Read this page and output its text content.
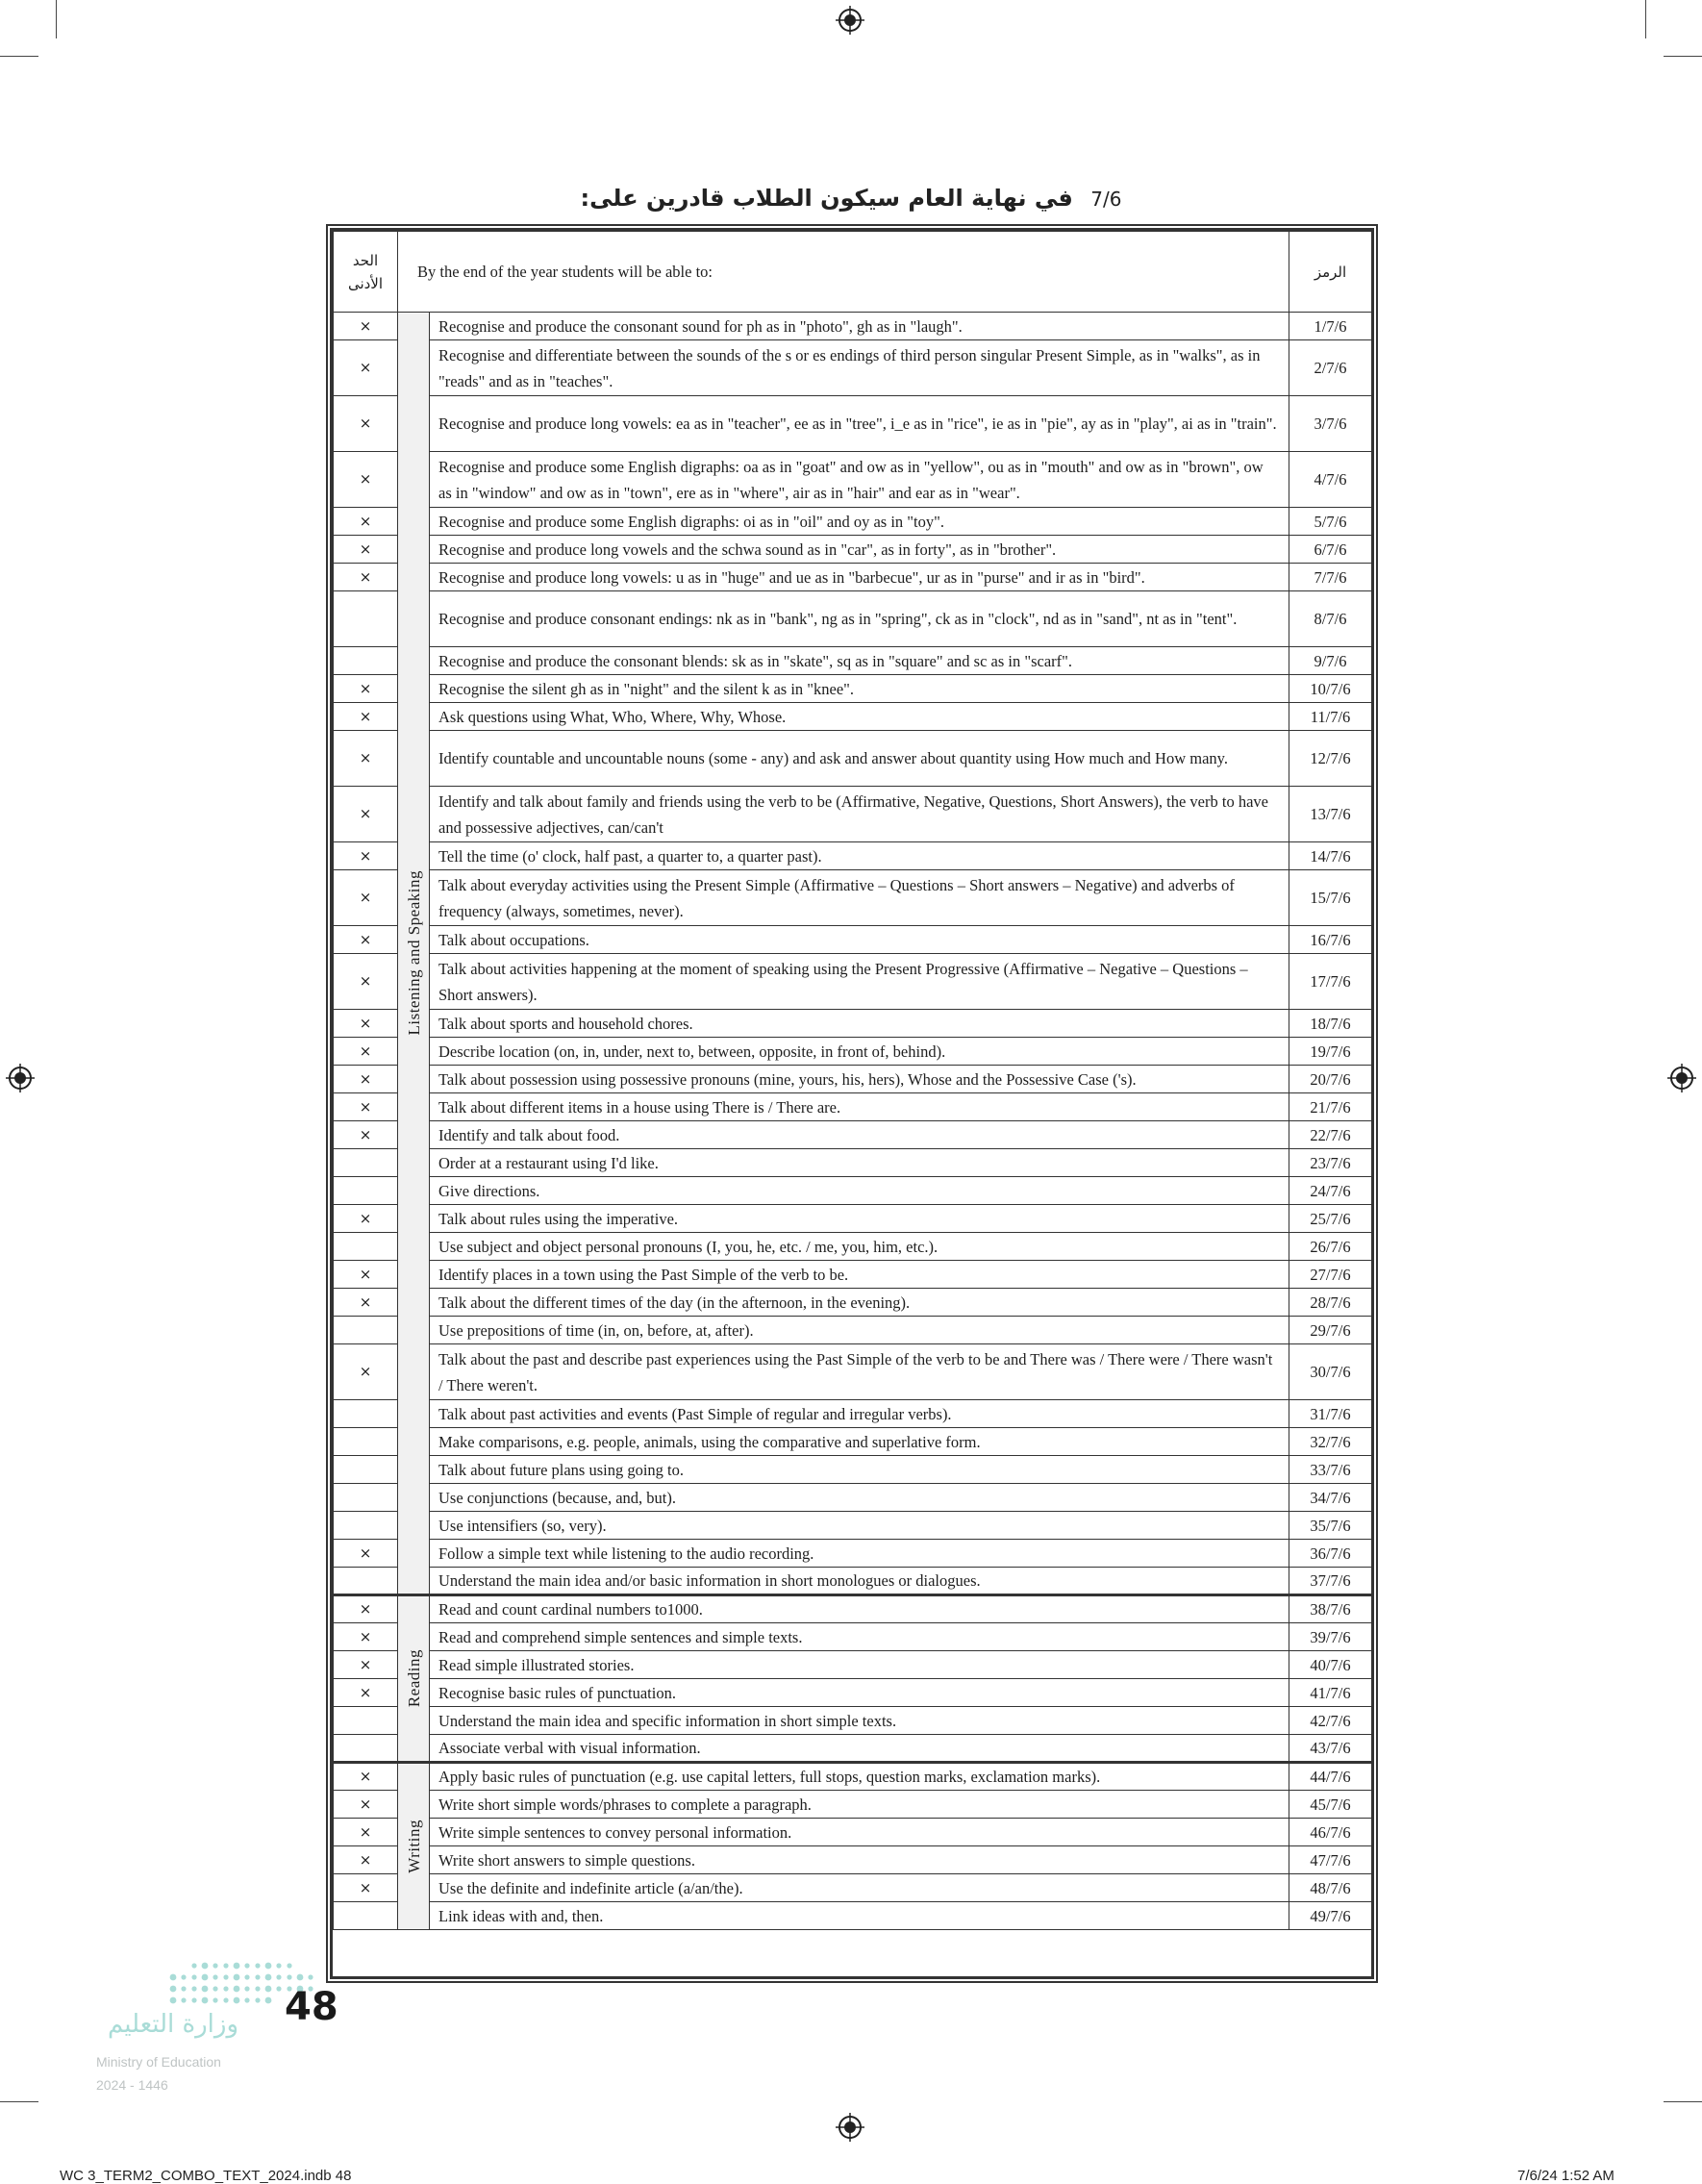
7/6 في نهاية العام سيكون الطلاب قادرين على:
الحد الأدنى	By the end of the year students will be able to:		الرمز
×	Listening and Speaking	Recognise and produce the consonant sound for ph as in "photo", gh as in "laugh".	1/7/6
×		Recognise and differentiate between the sounds of the s or es endings of third person singular Present Simple, as in "walks", as in "reads" and as in "teaches".	2/7/6
×		Recognise and produce long vowels: ea as in "teacher", ee as in "tree", i_e as in "rice", ie as in "pie", ay as in "play", ai as in "train".	3/7/6
×		Recognise and produce some English digraphs: oa as in "goat" and ow as in "yellow", ou as in "mouth" and ow as in "brown", ow as in "window" and ow as in "town", ere as in "where", air as in "hair" and ear as in "wear".	4/7/6
×		Recognise and produce some English digraphs: oi as in "oil" and oy as in "toy".	5/7/6
×		Recognise and produce long vowels and the schwa sound as in "car", as in forty", as in "brother".	6/7/6
×		Recognise and produce long vowels: u as in "huge" and ue as in "barbecue", ur as in "purse" and ir as in "bird".	7/7/6
		Recognise and produce consonant endings: nk as in "bank", ng as in "spring", ck as in "clock", nd as in "sand", nt as in "tent".	8/7/6
		Recognise and produce the consonant blends: sk as in "skate", sq as in "square" and sc as in "scarf".	9/7/6
×		Recognise the silent gh as in "night" and the silent k as in "knee".	10/7/6
×		Ask questions using What, Who, Where, Why, Whose.	11/7/6
×		Identify countable and uncountable nouns (some - any) and ask and answer about quantity using How much and How many.	12/7/6
×		Identify and talk about family and friends using the verb to be (Affirmative, Negative, Questions, Short Answers), the verb to have and possessive adjectives, can/can't	13/7/6
×		Tell the time (o' clock, half past, a quarter to, a quarter past).	14/7/6
×		Talk about everyday activities using the Present Simple (Affirmative – Questions – Short answers – Negative) and adverbs of frequency (always, sometimes, never).	15/7/6
×		Talk about occupations.	16/7/6
×		Talk about activities happening at the moment of speaking using the Present Progressive (Affirmative – Negative – Questions – Short answers).	17/7/6
×		Talk about sports and household chores.	18/7/6
×		Describe location (on, in, under, next to, between, opposite, in front of, behind).	19/7/6
×		Talk about possession using possessive pronouns (mine, yours, his, hers), Whose and the Possessive Case ('s).	20/7/6
×		Talk about different items in a house using There is / There are.	21/7/6
×		Identify and talk about food.	22/7/6
		Order at a restaurant using I'd like.	23/7/6
		Give directions.	24/7/6
×		Talk about rules using the imperative.	25/7/6
		Use subject and object personal pronouns (I, you, he, etc. / me, you, him, etc.).	26/7/6
×		Identify places in a town using the Past Simple of the verb to be.	27/7/6
×		Talk about the different times of the day (in the afternoon, in the evening).	28/7/6
		Use prepositions of time (in, on, before, at, after).	29/7/6
×		Talk about the past and describe past experiences using the Past Simple of the verb to be and There was / There were / There wasn't / There weren't.	30/7/6
		Talk about past activities and events (Past Simple of regular and irregular verbs).	31/7/6
		Make comparisons, e.g. people, animals, using the comparative and superlative form.	32/7/6
		Talk about future plans using going to.	33/7/6
		Use conjunctions (because, and, but).	34/7/6
		Use intensifiers (so, very).	35/7/6
×		Follow a simple text while listening to the audio recording.	36/7/6
		Understand the main idea and/or basic information in short monologues or dialogues.	37/7/6
×	Reading	Read and count cardinal numbers to1000.	38/7/6
×		Read and comprehend simple sentences and simple texts.	39/7/6
×		Read simple illustrated stories.	40/7/6
×		Recognise basic rules of punctuation.	41/7/6
		Understand the main idea and specific information in short simple texts.	42/7/6
		Associate verbal with visual information.	43/7/6
×	Writing	Apply basic rules of punctuation (e.g. use capital letters, full stops, question marks, exclamation marks).	44/7/6
×		Write short simple words/phrases to complete a paragraph.	45/7/6
×		Write simple sentences to convey personal information.	46/7/6
×		Write short answers to simple questions.	47/7/6
×		Use the definite and indefinite article (a/an/the).	48/7/6
		Link ideas with and, then.	49/7/6
وزارة التعليم
Ministry of Education
2024 - 1446
48
WC 3_TERM2_COMBO_TEXT_2024.indb 48	7/6/24 1:52 AM
